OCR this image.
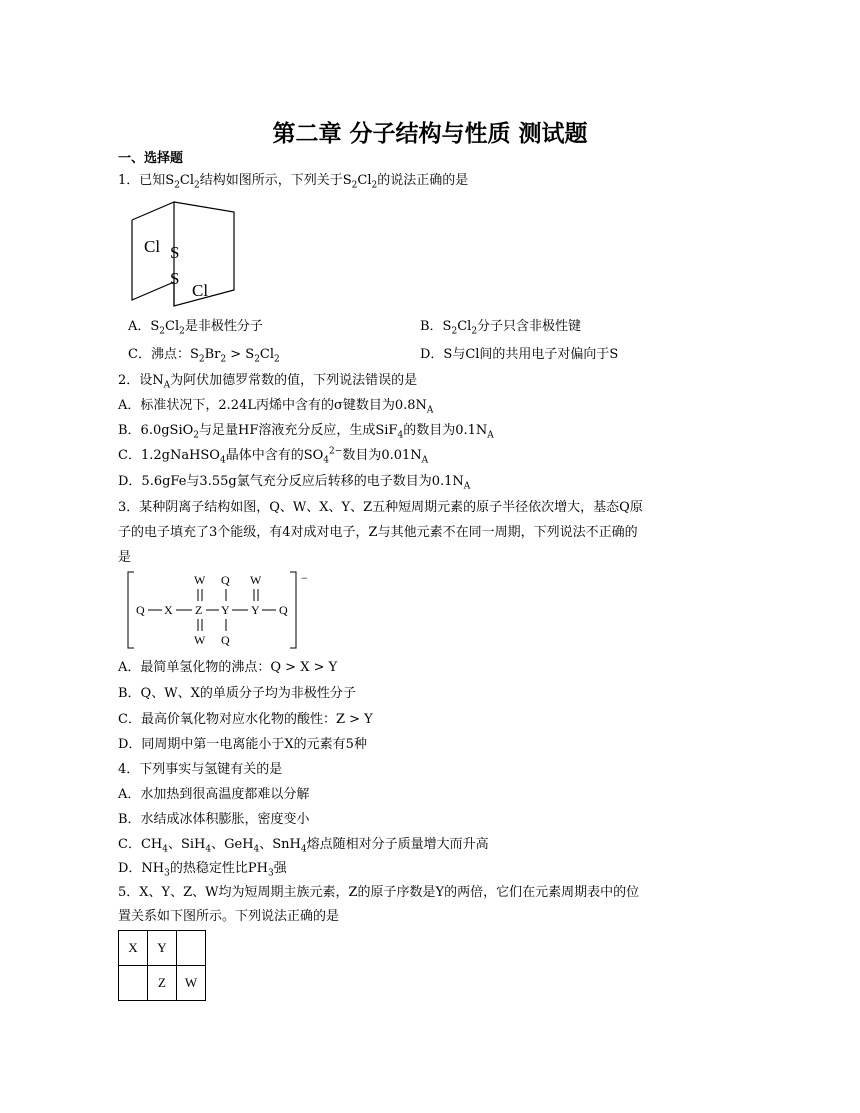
第二章 分子结构与性质 测试题
一、选择题
1．已知$S_2Cl_2$结构如图所示，下列关于$S_2Cl_2$的说法正确的是
Cl S
S
Cl
A．$S_2Cl_2$是非极性分子	B．$S_2Cl_2$分子只含非极性键
C．沸点：$S_2Br_2 > S_2Cl_2$	D．S与Cl间的共用电子对偏向于S
2．设$N_A$为阿伏加德罗常数的值，下列说法错误的是
A．标准状况下，2.24L丙烯中含有的σ键数目为$0.8N_A$
B．6.0gSiO$_2$与足量HF溶液充分反应，生成SiF$_4$的数目为$0.1N_A$
C．1.2gNaHSO$_4$晶体中含有的$SO_4^{2-}$数目为$0.01N_A$
D．5.6gFe与3.55g氯气充分反应后转移的电子数目为$0.1N_A$
3．某种阴离子结构如图，Q、W、X、Y、Z五种短周期元素的原子半径依次增大，基态Q原
子的电子填充了3个能级，有4对成对电子，Z与其他元素不在同一周期，下列说法不正确的
是
−
W Q W
Q X Z Y Y Q
W Q
A．最简单氢化物的沸点：Q > X > Y
B．Q、W、X的单质分子均为非极性分子
C．最高价氧化物对应水化物的酸性：Z > Y
D．同周期中第一电离能小于X的元素有5种
4．下列事实与氢键有关的是
A．水加热到很高温度都难以分解
B．水结成冰体积膨胀，密度变小
C．$CH_4$、SiH$_4$、GeH$_4$、SnH$_4$熔点随相对分子质量增大而升高
D．$NH_3$的热稳定性比$PH_3$强
5．X、Y、Z、W均为短周期主族元素，Z的原子序数是Y的两倍，它们在元素周期表中的位
置关系如下图所示。下列说法正确的是
X	Y	
	Z	W
